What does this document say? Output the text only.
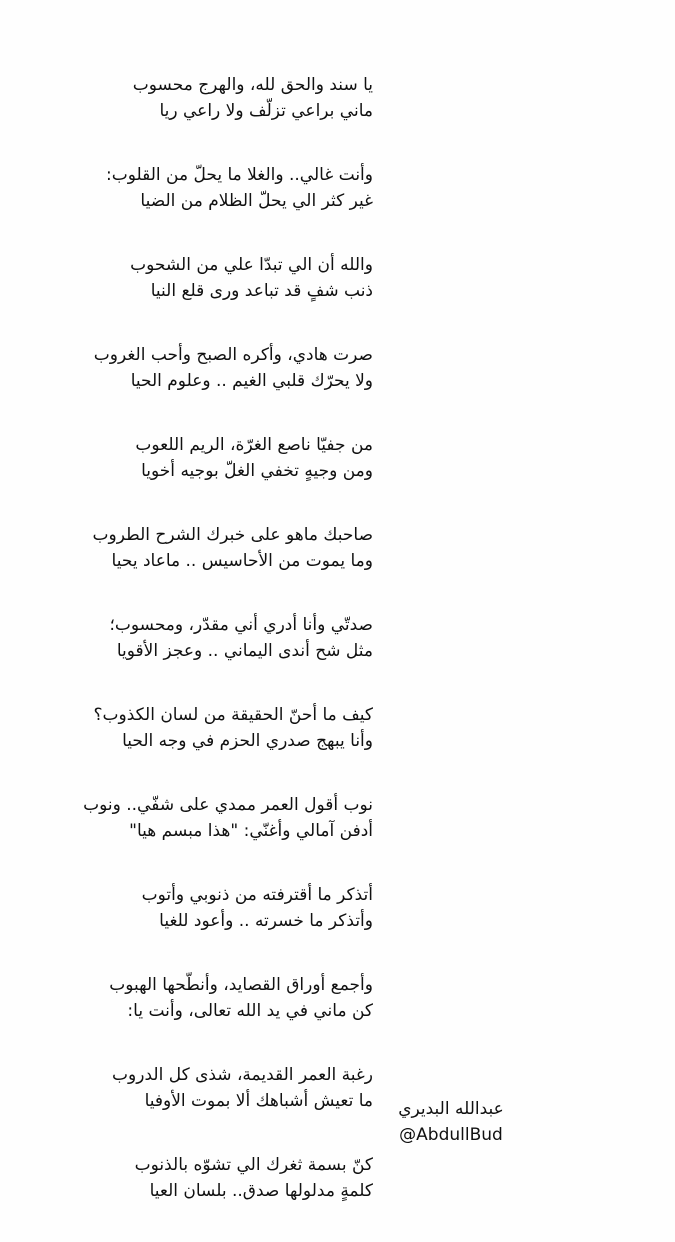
يا سند والحق لله، والهرج محسوب
ماني براعي تزلّف ولا راعي ريا
وأنت غالي.. والغلا ما يحلّ من القلوب:
غير كثر الي يحلّ الظلام من الضيا
والله أن الي تبدّا علي من الشحوب
ذنب شفٍ قد تباعد ورى قلع النيا
صرت هادي، وأكره الصبح وأحب الغروب
ولا يحرّك قلبي الغيم .. وعلوم الحيا
من جفيّا ناصع الغرّة، الريم اللعوب
ومن وجيهٍ تخفي الغلّ بوجيه أخويا
صاحبك ماهو على خبرك الشرح الطروب
وما يموت من الأحاسيس .. ماعاد يحيا
صدتّي وأنا أدري أني مقدّر، ومحسوب؛
مثل شح أندى اليماني .. وعجز الأقويا
كيف ما أحنّ الحقيقة من لسان الكذوب؟
وأنا يبهج صدري الحزم في وجه الحيا
نوب أقول العمر ممدي على شفّي.. ونوب
أدفن آمالي وأغنّي: "هذا مبسم هيا"
أتذكر ما أقترفته من ذنوبي وأتوب
وأتذكر ما خسرته .. وأعود للغيا
وأجمع أوراق القصايد، وأنطّحها الهبوب
كن ماني في يد الله تعالى، وأنت يا:
رغبة العمر القديمة، شذى كل الدروب
ما تعيش أشباهك ألا بموت الأوفيا
كنّ بسمة ثغرك الي تشوّه بالذنوب
كلمةٍ مدلولها صدق.. بلسان العيا
عبدالله البديري
@AbdullBud
